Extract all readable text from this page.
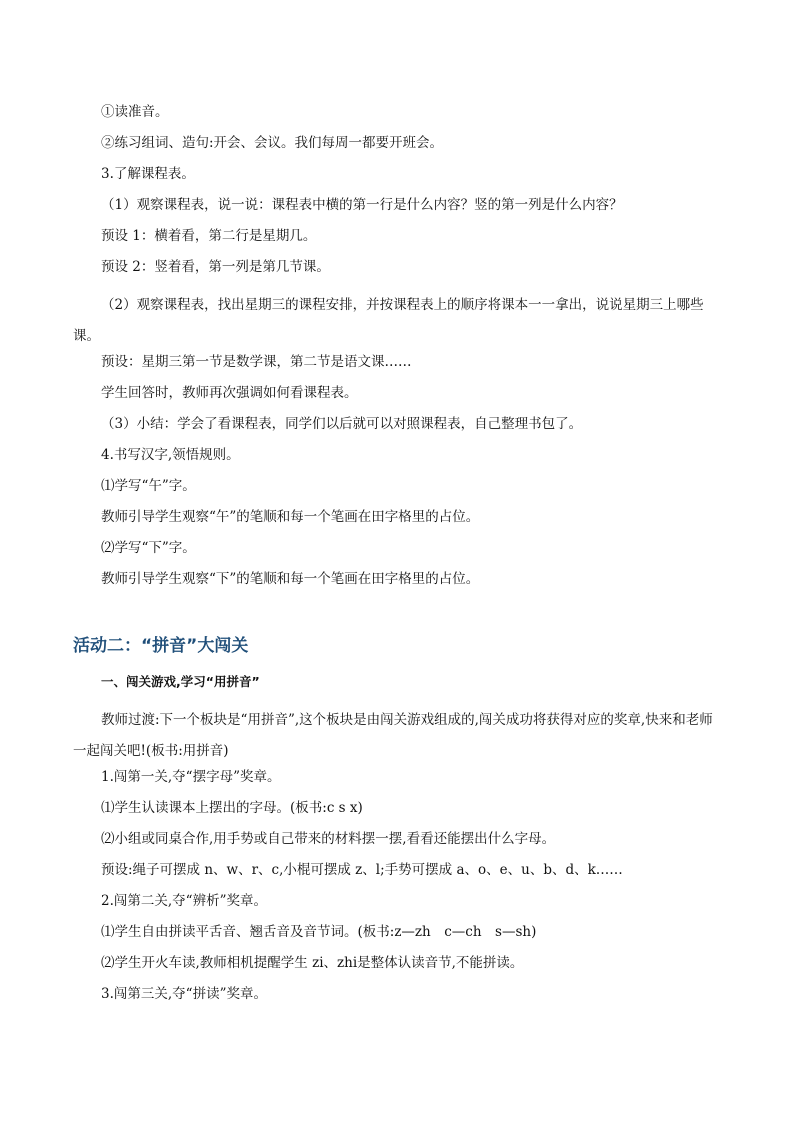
①读准音。
②练习组词、造句:开会、会议。我们每周一都要开班会。
3.了解课程表。
（1）观察课程表，说一说：课程表中横的第一行是什么内容？竖的第一列是什么内容？
预设 1：横着看，第二行是星期几。
预设 2：竖着看，第一列是第几节课。
（2）观察课程表，找出星期三的课程安排，并按课程表上的顺序将课本一一拿出，说说星期三上哪些课。
预设：星期三第一节是数学课，第二节是语文课……
学生回答时，教师再次强调如何看课程表。
（3）小结：学会了看课程表，同学们以后就可以对照课程表，自己整理书包了。
4.书写汉字,领悟规则。
⑴学写“午”字。
教师引导学生观察“午”的笔顺和每一个笔画在田字格里的占位。
⑵学写“下”字。
教师引导学生观察“下”的笔顺和每一个笔画在田字格里的占位。
活动二：“拼音”大闯关
一、闯关游戏,学习“用拼音”
教师过渡:下一个板块是“用拼音”,这个板块是由闯关游戏组成的,闯关成功将获得对应的奖章,快来和老师一起闯关吧!(板书:用拼音)
1.闯第一关,夺“摆字母”奖章。
⑴学生认读课本上摆出的字母。(板书:c s x)
⑵小组或同桌合作,用手势或自己带来的材料摆一摆,看看还能摆出什么字母。
预设:绳子可摆成 n、w、r、c,小棍可摆成 z、l;手势可摆成 a、o、e、u、b、d、k……
2.闯第二关,夺“辨析”奖章。
⑴学生自由拼读平舌音、翘舌音及音节词。(板书:z—zh　c—ch　s—sh)
⑵学生开火车读,教师相机提醒学生 zi、zhi是整体认读音节,不能拼读。
3.闯第三关,夺“拼读”奖章。
